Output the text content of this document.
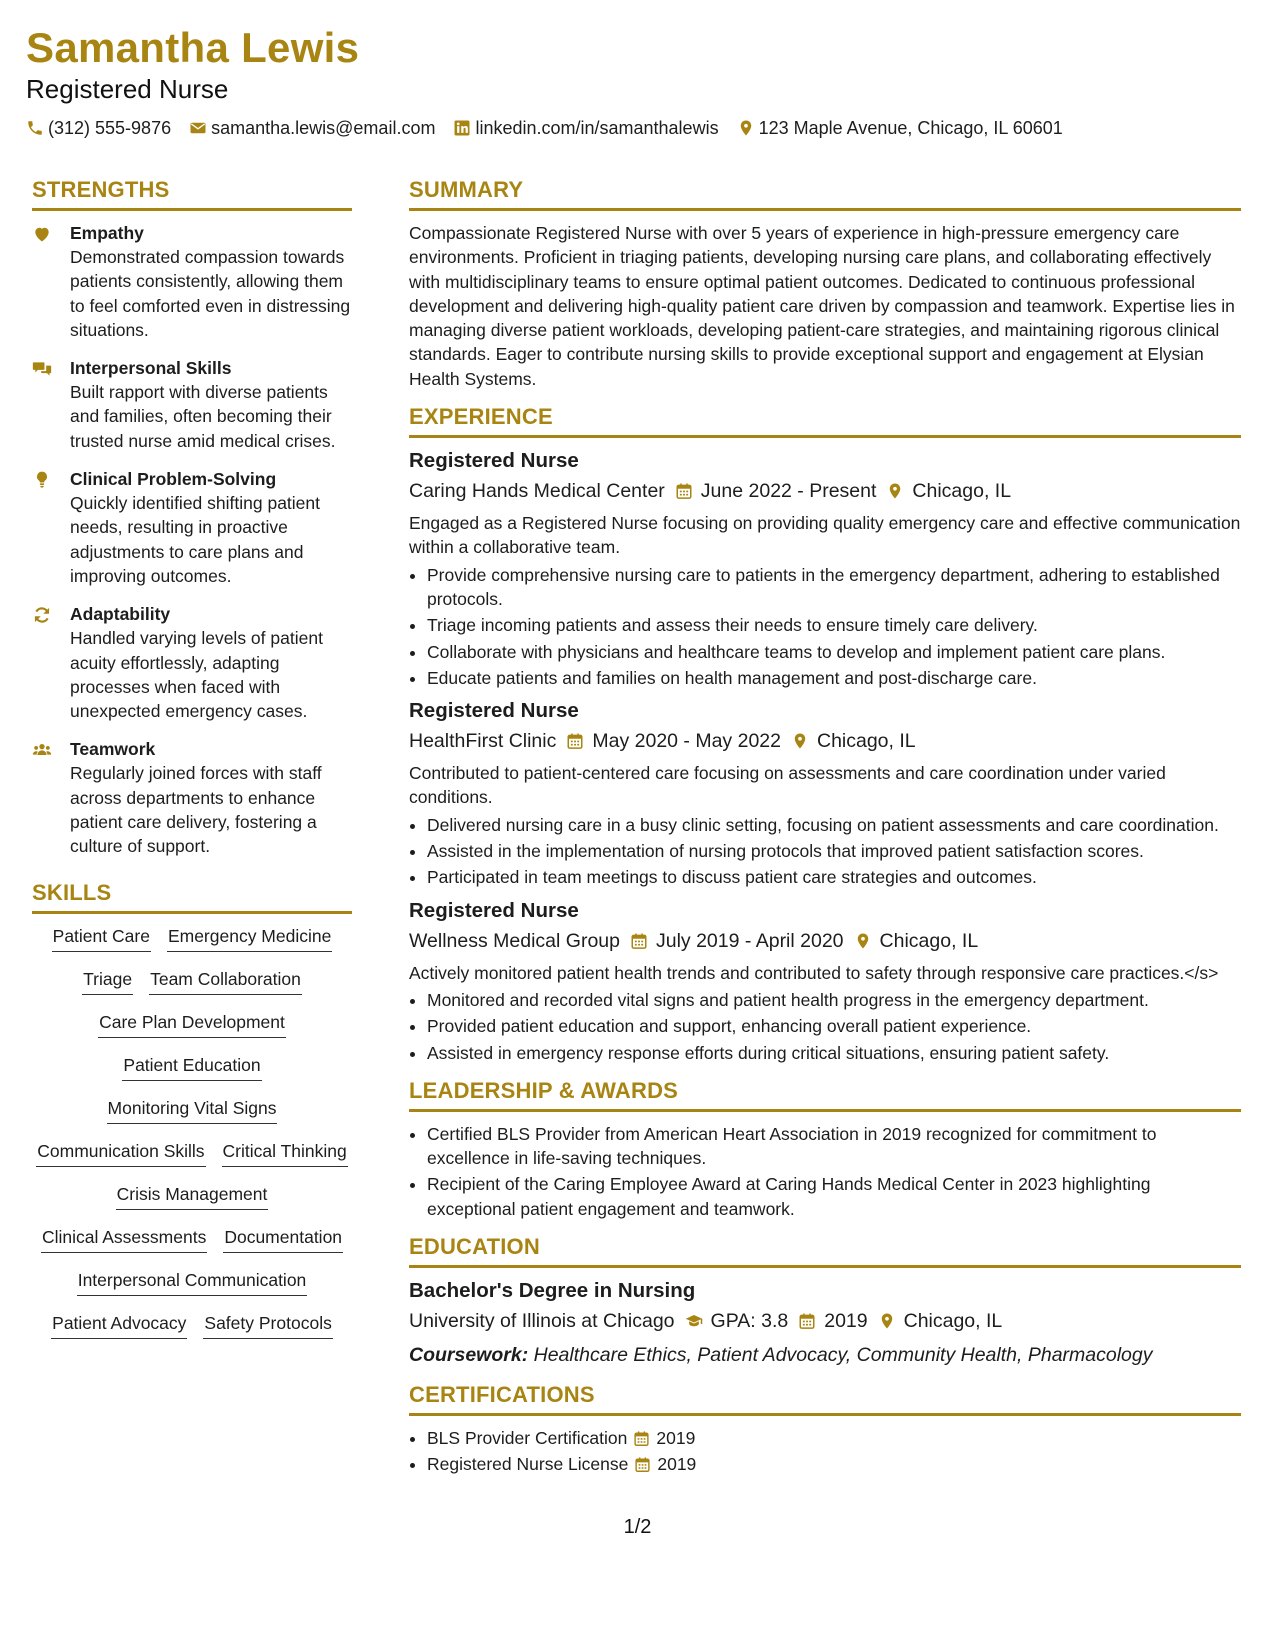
Samantha Lewis
Registered Nurse
(312) 555-9876 samantha.lewis@email.com linkedin.com/in/samanthalewis 123 Maple Avenue, Chicago, IL 60601
STRENGTHS
Empathy
Demonstrated compassion towards patients consistently, allowing them to feel comforted even in distressing situations.
Interpersonal Skills
Built rapport with diverse patients and families, often becoming their trusted nurse amid medical crises.
Clinical Problem-Solving
Quickly identified shifting patient needs, resulting in proactive adjustments to care plans and improving outcomes.
Adaptability
Handled varying levels of patient acuity effortlessly, adapting processes when faced with unexpected emergency cases.
Teamwork
Regularly joined forces with staff across departments to enhance patient care delivery, fostering a culture of support.
SKILLS
Patient Care Emergency Medicine
Triage Team Collaboration
Care Plan Development
Patient Education
Monitoring Vital Signs
Communication Skills Critical Thinking
Crisis Management
Clinical Assessments Documentation
Interpersonal Communication
Patient Advocacy Safety Protocols
SUMMARY

Compassionate Registered Nurse with over 5 years of experience in high-pressure emergency care environments. Proficient in triaging patients, developing nursing care plans, and collaborating effectively with multidisciplinary teams to ensure optimal patient outcomes. Dedicated to continuous professional development and delivering high-quality patient care driven by compassion and teamwork. Expertise lies in managing diverse patient workloads, developing patient-care strategies, and maintaining rigorous clinical standards. Eager to contribute nursing skills to provide exceptional support and engagement at Elysian Health Systems.

EXPERIENCE
Registered Nurse
Caring Hands Medical Center June 2022 - Present Chicago, IL

Engaged as a Registered Nurse focusing on providing quality emergency care and effective communication within a collaborative team.

• Provide comprehensive nursing care to patients in the emergency department, adhering to established protocols.
• Triage incoming patients and assess their needs to ensure timely care delivery.
• Collaborate with physicians and healthcare teams to develop and implement patient care plans.
• Educate patients and families on health management and post-discharge care.
Registered Nurse
HealthFirst Clinic May 2020 - May 2022 Chicago, IL

Contributed to patient-centered care focusing on assessments and care coordination under varied conditions.

• Delivered nursing care in a busy clinic setting, focusing on patient assessments and care coordination.
• Assisted in the implementation of nursing protocols that improved patient satisfaction scores.
• Participated in team meetings to discuss patient care strategies and outcomes.
Registered Nurse
Wellness Medical Group July 2019 - April 2020 Chicago, IL

Actively monitored patient health trends and contributed to safety through responsive care practices.</s>

• Monitored and recorded vital signs and patient health progress in the emergency department.
• Provided patient education and support, enhancing overall patient experience.
• Assisted in emergency response efforts during critical situations, ensuring patient safety.
LEADERSHIP & AWARDS
• Certified BLS Provider from American Heart Association in 2019 recognized for commitment to excellence in life-saving techniques.
• Recipient of the Caring Employee Award at Caring Hands Medical Center in 2023 highlighting exceptional patient engagement and teamwork.
EDUCATION
Bachelor's Degree in Nursing
University of Illinois at Chicago GPA: 3.8 2019 Chicago, IL
Coursework: Healthcare Ethics, Patient Advocacy, Community Health, Pharmacology
CERTIFICATIONS
• BLS Provider Certification 2019
• Registered Nurse License 2019
1/2
